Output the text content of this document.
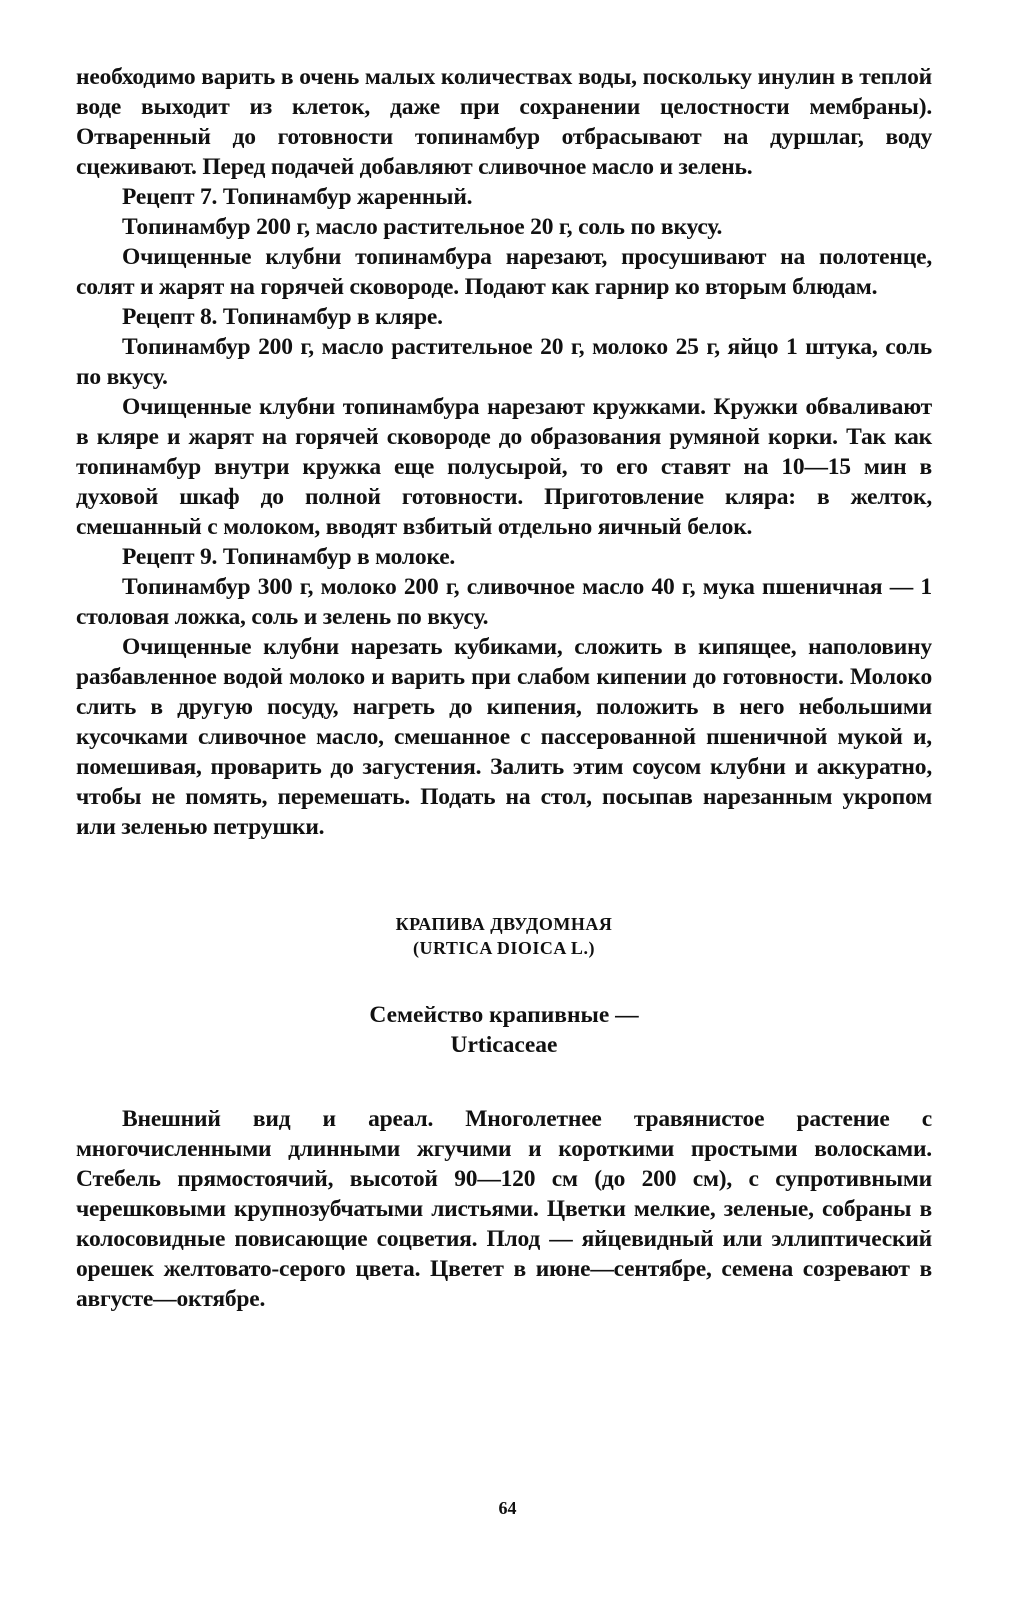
необходимо варить в очень малых количествах воды, поскольку инулин в теплой воде выходит из клеток, даже при сохранении целостности мембраны). Отваренный до готовности топинамбур отбрасывают на дуршлаг, воду сцеживают. Перед подачей добавляют сливочное масло и зелень.

Рецепт 7. Топинамбур жаренный.

Топинамбур 200 г, масло растительное 20 г, соль по вкусу.

Очищенные клубни топинамбура нарезают, просушивают на полотенце, солят и жарят на горячей сковороде. Подают как гарнир ко вторым блюдам.

Рецепт 8. Топинамбур в кляре.

Топинамбур 200 г, масло растительное 20 г, молоко 25 г, яйцо 1 штука, соль по вкусу.

Очищенные клубни топинамбура нарезают кружками. Кружки обваливают в кляре и жарят на горячей сковороде до образования румяной корки. Так как топинамбур внутри кружка еще полусырой, то его ставят на 10—15 мин в духовой шкаф до полной готовности. Приготовление кляра: в желток, смешанный с молоком, вводят взбитый отдельно яичный белок.

Рецепт 9. Топинамбур в молоке.

Топинамбур 300 г, молоко 200 г, сливочное масло 40 г, мука пшеничная — 1 столовая ложка, соль и зелень по вкусу.

Очищенные клубни нарезать кубиками, сложить в кипящее, наполовину разбавленное водой молоко и варить при слабом кипении до готовности. Молоко слить в другую посуду, нагреть до кипения, положить в него небольшими кусочками сливочное масло, смешанное с пассерованной пшеничной мукой и, помешивая, проварить до загустения. Залить этим соусом клубни и аккуратно, чтобы не помять, перемешать. Подать на стол, посыпав нарезанным укропом или зеленью петрушки.

КРАПИВА ДВУДОМНАЯ
(URTICA DIOICA L.)
Семейство крапивные —
Urticaceae

Внешний вид и ареал. Многолетнее травянистое растение с многочисленными длинными жгучими и короткими простыми волосками. Стебель прямостоячий, высотой 90—120 см (до 200 см), с супротивными черешковыми крупнозубчатыми листьями. Цветки мелкие, зеленые, собраны в колосовидные повисающие соцветия. Плод — яйцевидный или эллиптический орешек желтовато-серого цвета. Цветет в июне—сентябре, семена созревают в августе—октябре.

64
